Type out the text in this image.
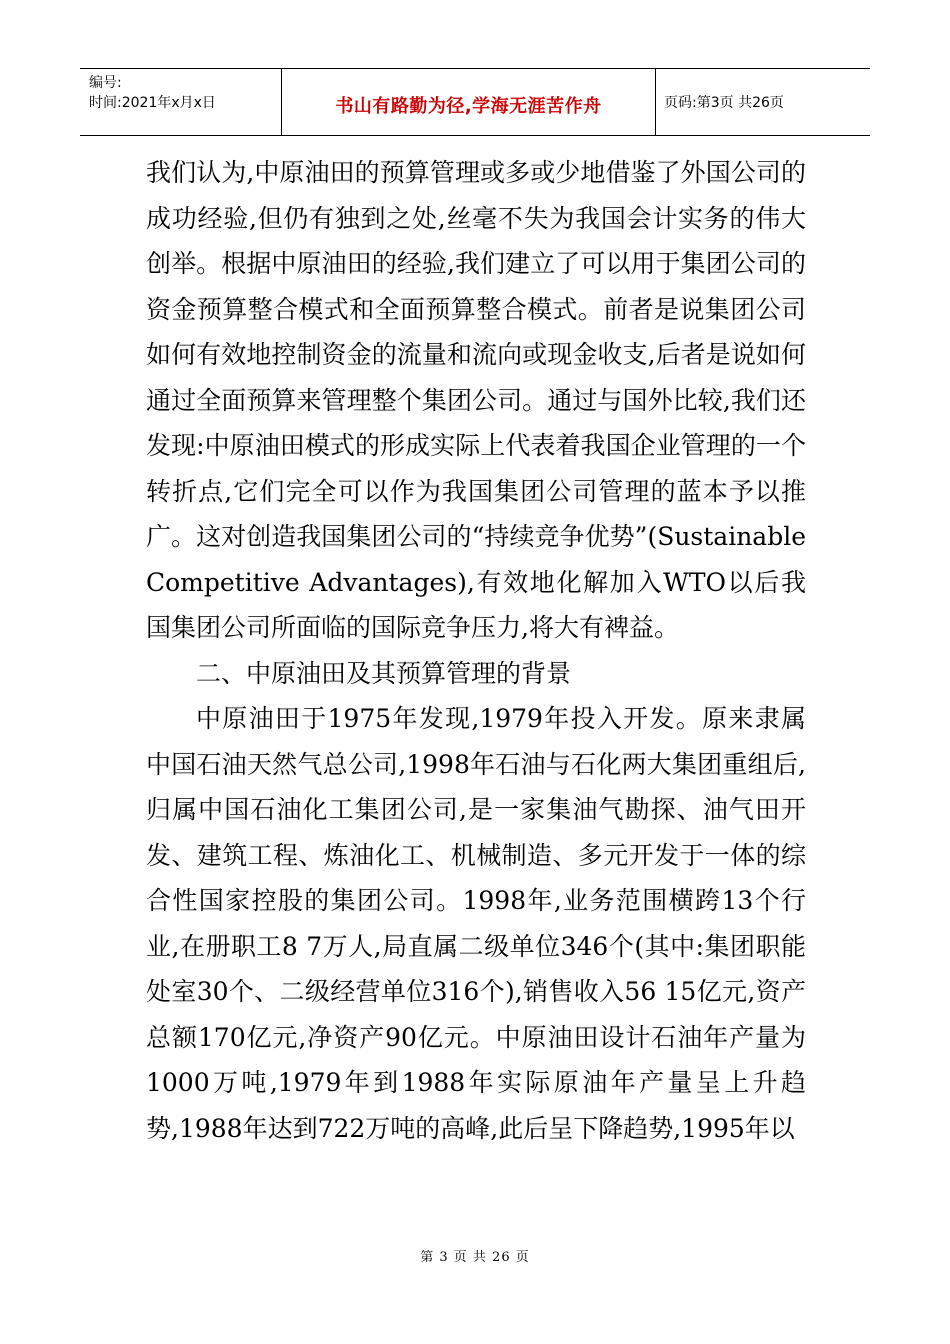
编号:
时间:2021年x月x日	书山有路勤为径,学海无涯苦作舟	页码:第3页 共26页

我们认为,中原油田的预算管理或多或少地借鉴了外国公司的成功经验,但仍有独到之处,丝毫不失为我国会计实务的伟大创举。根据中原油田的经验,我们建立了可以用于集团公司的资金预算整合模式和全面预算整合模式。前者是说集团公司如何有效地控制资金的流量和流向或现金收支,后者是说如何通过全面预算来管理整个集团公司。通过与国外比较,我们还发现:中原油田模式的形成实际上代表着我国企业管理的一个转折点,它们完全可以作为我国集团公司管理的蓝本予以推广。这对创造我国集团公司的“持续竞争优势”(Sustainable Competitive Advantages),有效地化解加入WTO以后我国集团公司所面临的国际竞争压力,将大有裨益。

二、中原油田及其预算管理的背景

中原油田于1975年发现,1979年投入开发。原来隶属中国石油天然气总公司,1998年石油与石化两大集团重组后,归属中国石油化工集团公司,是一家集油气勘探、油气田开发、建筑工程、炼油化工、机械制造、多元开发于一体的综合性国家控股的集团公司。1998年,业务范围横跨13个行业,在册职工8 7万人,局直属二级单位346个(其中:集团职能处室30个、二级经营单位316个),销售收入56 15亿元,资产总额170亿元,净资产90亿元。中原油田设计石油年产量为1000万吨,1979年到1988年实际原油年产量呈上升趋势,1988年达到722万吨的高峰,此后呈下降趋势,1995年以

第 3 页 共 26 页
